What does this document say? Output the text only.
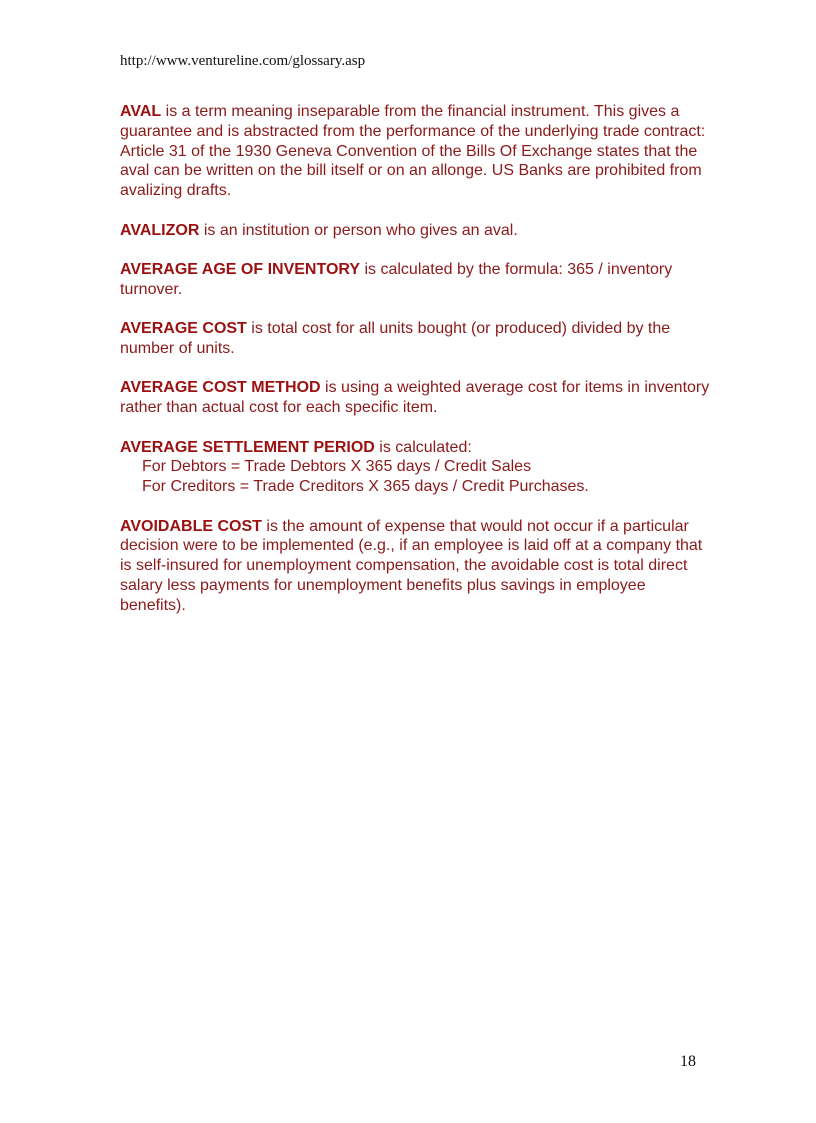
http://www.ventureline.com/glossary.asp

AVAL is a term meaning inseparable from the financial instrument. This gives a guarantee and is abstracted from the performance of the underlying trade contract: Article 31 of the 1930 Geneva Convention of the Bills Of Exchange states that the aval can be written on the bill itself or on an allonge. US Banks are prohibited from avalizing drafts.

AVALIZOR is an institution or person who gives an aval.

AVERAGE AGE OF INVENTORY is calculated by the formula: 365 / inventory turnover.

AVERAGE COST is total cost for all units bought (or produced) divided by the number of units.

AVERAGE COST METHOD is using a weighted average cost for items in inventory rather than actual cost for each specific item.

AVERAGE SETTLEMENT PERIOD is calculated:
For Debtors = Trade Debtors X 365 days / Credit Sales
For Creditors = Trade Creditors X 365 days / Credit Purchases.

AVOIDABLE COST is the amount of expense that would not occur if a particular decision were to be implemented (e.g., if an employee is laid off at a company that is self-insured for unemployment compensation, the avoidable cost is total direct salary less payments for unemployment benefits plus savings in employee benefits).

18
